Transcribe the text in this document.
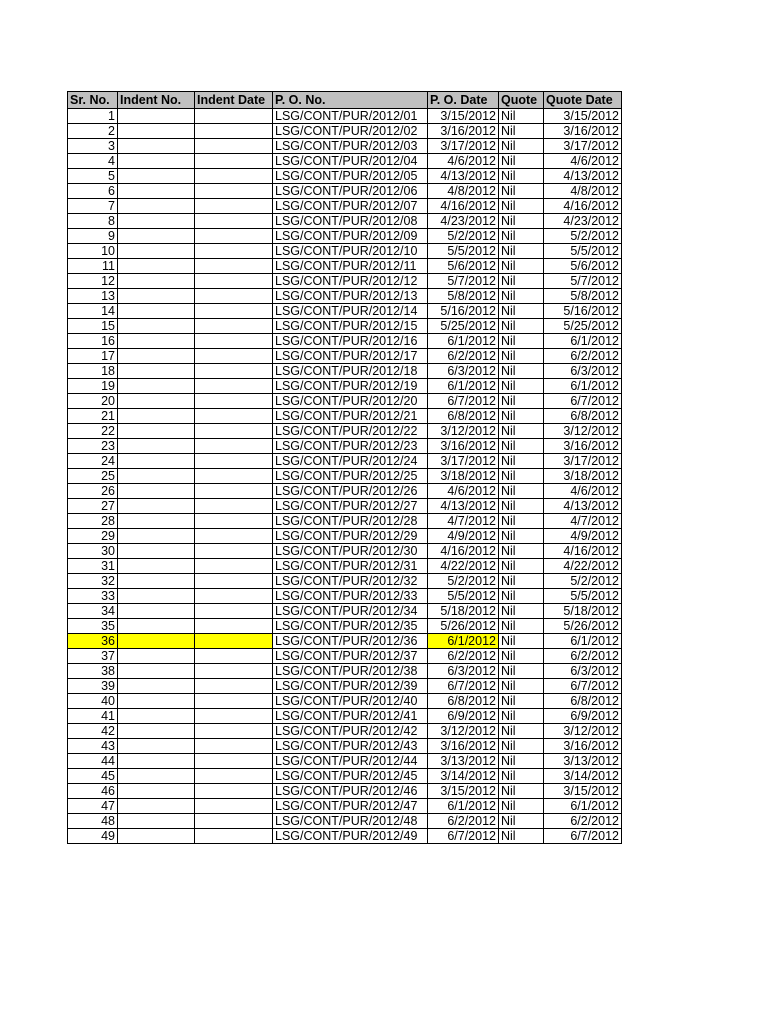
Sr. No.	Indent No.	Indent Date	P. O. No.	P. O. Date	Quote	Quote Date
1			LSG/CONT/PUR/2012/01	3/15/2012	Nil	3/15/2012
2			LSG/CONT/PUR/2012/02	3/16/2012	Nil	3/16/2012
3			LSG/CONT/PUR/2012/03	3/17/2012	Nil	3/17/2012
4			LSG/CONT/PUR/2012/04	4/6/2012	Nil	4/6/2012
5			LSG/CONT/PUR/2012/05	4/13/2012	Nil	4/13/2012
6			LSG/CONT/PUR/2012/06	4/8/2012	Nil	4/8/2012
7			LSG/CONT/PUR/2012/07	4/16/2012	Nil	4/16/2012
8			LSG/CONT/PUR/2012/08	4/23/2012	Nil	4/23/2012
9			LSG/CONT/PUR/2012/09	5/2/2012	Nil	5/2/2012
10			LSG/CONT/PUR/2012/10	5/5/2012	Nil	5/5/2012
11			LSG/CONT/PUR/2012/11	5/6/2012	Nil	5/6/2012
12			LSG/CONT/PUR/2012/12	5/7/2012	Nil	5/7/2012
13			LSG/CONT/PUR/2012/13	5/8/2012	Nil	5/8/2012
14			LSG/CONT/PUR/2012/14	5/16/2012	Nil	5/16/2012
15			LSG/CONT/PUR/2012/15	5/25/2012	Nil	5/25/2012
16			LSG/CONT/PUR/2012/16	6/1/2012	Nil	6/1/2012
17			LSG/CONT/PUR/2012/17	6/2/2012	Nil	6/2/2012
18			LSG/CONT/PUR/2012/18	6/3/2012	Nil	6/3/2012
19			LSG/CONT/PUR/2012/19	6/1/2012	Nil	6/1/2012
20			LSG/CONT/PUR/2012/20	6/7/2012	Nil	6/7/2012
21			LSG/CONT/PUR/2012/21	6/8/2012	Nil	6/8/2012
22			LSG/CONT/PUR/2012/22	3/12/2012	Nil	3/12/2012
23			LSG/CONT/PUR/2012/23	3/16/2012	Nil	3/16/2012
24			LSG/CONT/PUR/2012/24	3/17/2012	Nil	3/17/2012
25			LSG/CONT/PUR/2012/25	3/18/2012	Nil	3/18/2012
26			LSG/CONT/PUR/2012/26	4/6/2012	Nil	4/6/2012
27			LSG/CONT/PUR/2012/27	4/13/2012	Nil	4/13/2012
28			LSG/CONT/PUR/2012/28	4/7/2012	Nil	4/7/2012
29			LSG/CONT/PUR/2012/29	4/9/2012	Nil	4/9/2012
30			LSG/CONT/PUR/2012/30	4/16/2012	Nil	4/16/2012
31			LSG/CONT/PUR/2012/31	4/22/2012	Nil	4/22/2012
32			LSG/CONT/PUR/2012/32	5/2/2012	Nil	5/2/2012
33			LSG/CONT/PUR/2012/33	5/5/2012	Nil	5/5/2012
34			LSG/CONT/PUR/2012/34	5/18/2012	Nil	5/18/2012
35			LSG/CONT/PUR/2012/35	5/26/2012	Nil	5/26/2012
36			LSG/CONT/PUR/2012/36	6/1/2012	Nil	6/1/2012
37			LSG/CONT/PUR/2012/37	6/2/2012	Nil	6/2/2012
38			LSG/CONT/PUR/2012/38	6/3/2012	Nil	6/3/2012
39			LSG/CONT/PUR/2012/39	6/7/2012	Nil	6/7/2012
40			LSG/CONT/PUR/2012/40	6/8/2012	Nil	6/8/2012
41			LSG/CONT/PUR/2012/41	6/9/2012	Nil	6/9/2012
42			LSG/CONT/PUR/2012/42	3/12/2012	Nil	3/12/2012
43			LSG/CONT/PUR/2012/43	3/16/2012	Nil	3/16/2012
44			LSG/CONT/PUR/2012/44	3/13/2012	Nil	3/13/2012
45			LSG/CONT/PUR/2012/45	3/14/2012	Nil	3/14/2012
46			LSG/CONT/PUR/2012/46	3/15/2012	Nil	3/15/2012
47			LSG/CONT/PUR/2012/47	6/1/2012	Nil	6/1/2012
48			LSG/CONT/PUR/2012/48	6/2/2012	Nil	6/2/2012
49			LSG/CONT/PUR/2012/49	6/7/2012	Nil	6/7/2012
